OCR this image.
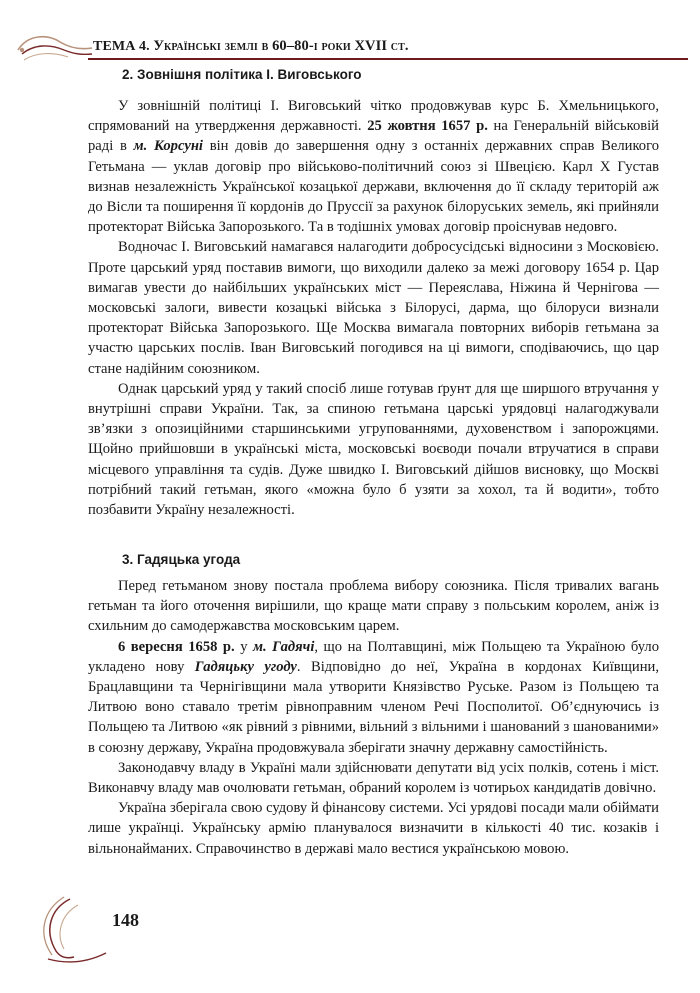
ТЕМА 4. Українські землі в 60–80-і роки XVII ст.
2. Зовнішня політика І. Виговського

У зовнішній політиці І. Виговський чітко продовжував курс Б. Хмельницького, спрямований на утвердження державності. 25 жовтня 1657 р. на Генеральній військовій раді в м. Корсуні він довів до завершення одну з останніх державних справ Великого Гетьмана — уклав договір про військово-політичний союз зі Швецією. Карл X Густав визнав незалежність Української козацької держави, включення до її складу територій аж до Вісли та поширення її кордонів до Пруссії за рахунок білоруських земель, які прийняли протекторат Війська Запорозького. Та в тодішніх умовах договір проіснував недовго.

Водночас І. Виговський намагався налагодити добросусідські відносини з Московією. Проте царський уряд поставив вимоги, що виходили далеко за межі договору 1654 р. Цар вимагав увести до найбільших українських міст — Переяслава, Ніжина й Чернігова — московські залоги, вивести козацькі війська з Білорусі, дарма, що білоруси визнали протекторат Війська Запорозького. Ще Москва вимагала повторних виборів гетьмана за участю царських послів. Іван Виговський погодився на ці вимоги, сподіваючись, що цар стане надійним союзником.

Однак царський уряд у такий спосіб лише готував ґрунт для ще ширшого втручання у внутрішні справи України. Так, за спиною гетьмана царські урядовці налагоджували зв’язки з опозиційними старшинськими угрупованнями, духовенством і запорожцями. Щойно прийшовши в українські міста, московські воєводи почали втручатися в справи місцевого управління та судів. Дуже швидко І. Виговський дійшов висновку, що Москві потрібний такий гетьман, якого «можна було б узяти за хохол, та й водити», тобто позбавити Україну незалежності.

3. Гадяцька угода

Перед гетьманом знову постала проблема вибору союзника. Після тривалих вагань гетьман та його оточення вирішили, що краще мати справу з польським королем, аніж із схильним до самодержавства московським царем.

6 вересня 1658 р. у м. Гадячі, що на Полтавщині, між Польщею та Україною було укладено нову Гадяцьку угоду. Відповідно до неї, Україна в кордонах Київщини, Брацлавщини та Чернігівщини мала утворити Князівство Руське. Разом із Польщею та Литвою воно ставало третім рівноправним членом Речі Посполитої. Об’єднуючись із Польщею та Литвою «як рівний з рівними, вільний з вільними і шанований з шанованими» в союзну державу, Україна продовжувала зберігати значну державну самостійність.

Законодавчу владу в Україні мали здійснювати депутати від усіх полків, сотень і міст. Виконавчу владу мав очолювати гетьман, обраний королем із чотирьох кандидатів довічно.

Україна зберігала свою судову й фінансову системи. Усі урядові посади мали обіймати лише українці. Українську армію планувалося визначити в кількості 40 тис. козаків і вільнонайманих. Справочинство в державі мало вестися українською мовою.

148
